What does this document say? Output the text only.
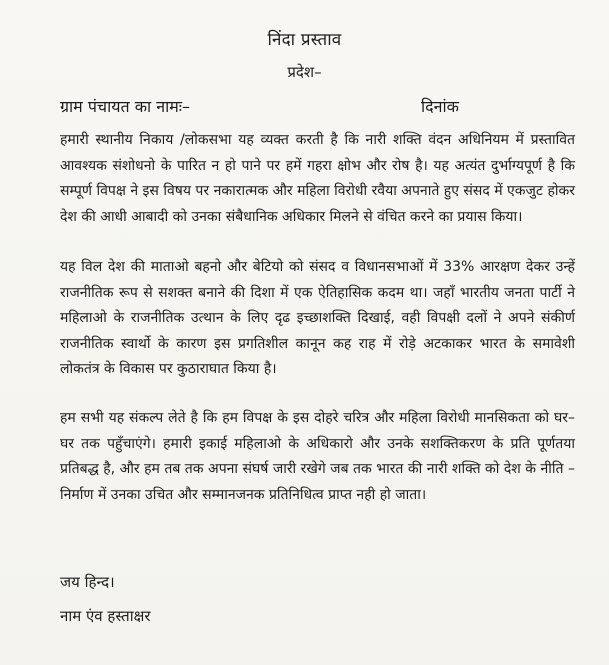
निंदा प्रस्ताव
प्रदेश–
ग्राम पंचायत का नामः–	दिनांक

हमारी स्थानीय निकाय /लोकसभा यह व्यक्त करती है कि नारी शक्ति वंदन अधिनियम में प्रस्तावित आवश्यक संशोधनो के पारित न हो पाने पर हमें गहरा क्षोभ और रोष है। यह अत्यंत दुर्भाग्यपूर्ण है कि सम्पूर्ण विपक्ष ने इस विषय पर नकारात्मक और महिला विरोधी रवैया अपनाते हुए संसद में एकजुट होकर देश की आधी आबादी को उनका संबैधानिक अधिकार मिलने से वंचित करने का प्रयास किया।

यह विल देश की माताओ बहनो और बेटियो को संसद व विधानसभाओं में 33% आरक्षण देकर उन्हें राजनीतिक रूप से सशक्त बनाने की दिशा में एक ऐतिहासिक कदम था। जहाँ भारतीय जनता पार्टी ने महिलाओ के राजनीतिक उत्थान के लिए दृढ इच्छाशक्ति दिखाई, वही विपक्षी दलों ने अपने संकीर्ण राजनीतिक स्वार्थो के कारण इस प्रगतिशील कानून कह राह में रोड़े अटकाकर भारत के समावेशी लोकतंत्र के विकास पर कुठाराघात किया है।

हम सभी यह संकल्प लेते है कि हम विपक्ष के इस दोहरे चरित्र और महिला विरोधी मानसिकता को घर–घर तक पहुँचाएंगे। हमारी इकाई महिलाओ के अधिकारो और उनके सशक्तिकरण के प्रति पूर्णतया प्रतिबद्ध है, और हम तब तक अपना संघर्ष जारी रखेगे जब तक भारत की नारी शक्ति को देश के नीति –निर्माण में उनका उचित और सम्मानजनक प्रतिनिधित्व प्राप्त नही हो जाता।

जय हिन्द।
नाम एंव हस्ताक्षर
